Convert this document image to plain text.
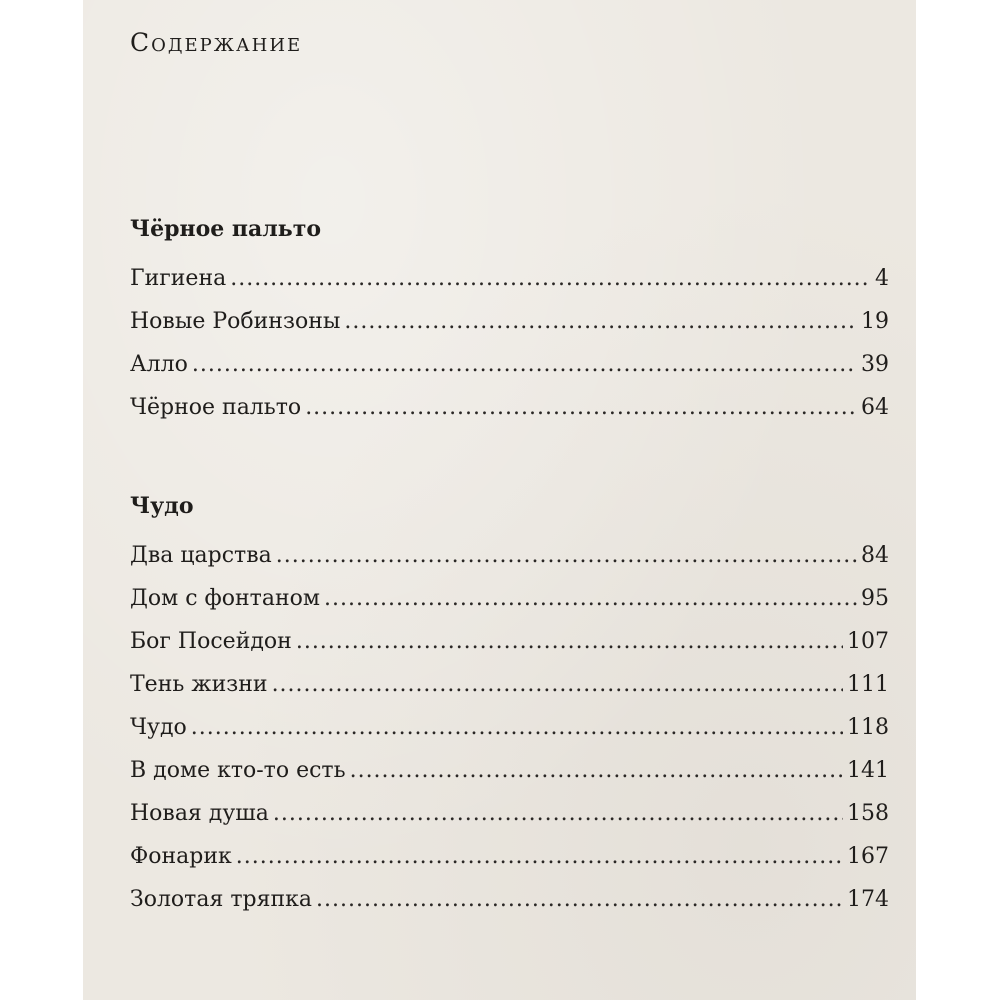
Содержание
Чёрное пальто
Гигиена .....	4
Новые Робинзоны .....	19
Алло .....	39
Чёрное пальто .....	64
Чудо
Два царства .....	84
Дом с фонтаном .....	95
Бог Посейдон .....	107
Тень жизни .....	111
Чудо .....	118
В доме кто-то есть .....	141
Новая душа .....	158
Фонарик .....	167
Золотая тряпка .....	174
